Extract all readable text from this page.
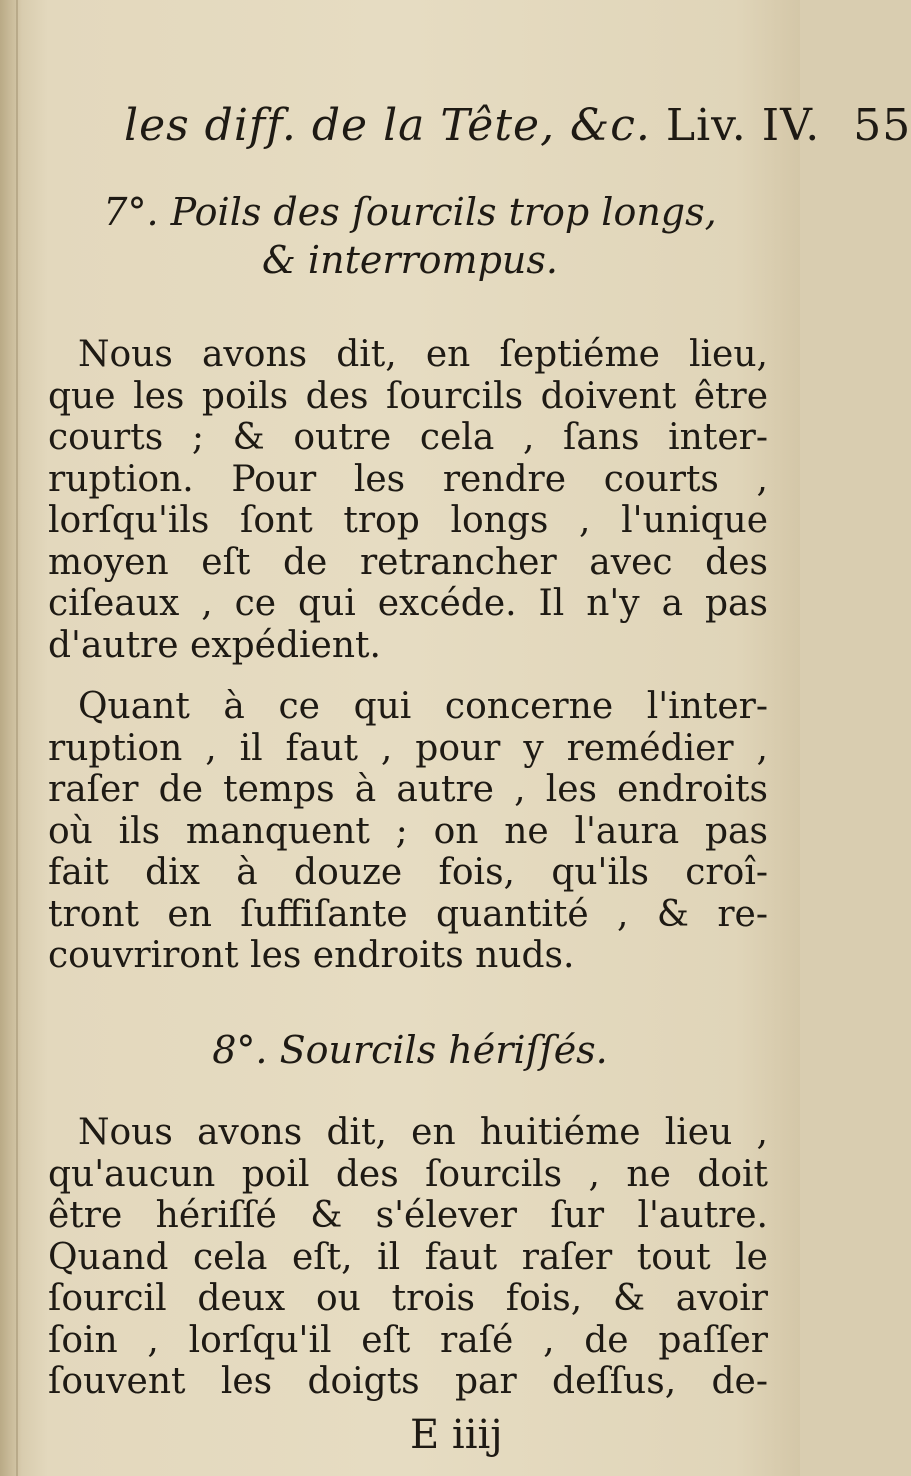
les diff. de la Tête, &c. Liv. IV. 55
7°. Poils des ſourcils trop longs,
& interrompus.
Nous avons dit, en ſeptiéme lieu,
que les poils des ſourcils doivent être
courts ; & outre cela , ſans inter-
ruption. Pour les rendre courts ,
lorſqu'ils ſont trop longs , l'unique
moyen eſt de retrancher avec des
ciſeaux , ce qui excéde. Il n'y a pas
d'autre expédient.
Quant à ce qui concerne l'inter-
ruption , il faut , pour y remédier ,
raſer de temps à autre , les endroits
où ils manquent ; on ne l'aura pas
fait dix à douze fois, qu'ils croî-
tront en ſuffiſante quantité , & re-
couvriront les endroits nuds.
8°. Sourcils hériſſés.
Nous avons dit, en huitiéme lieu ,
qu'aucun poil des ſourcils , ne doit
être hériſſé & s'élever ſur l'autre.
Quand cela eſt, il faut raſer tout le
ſourcil deux ou trois fois, & avoir
ſoin , lorſqu'il eſt raſé , de paſſer
ſouvent les doigts par deſſus, de-
E iiij
